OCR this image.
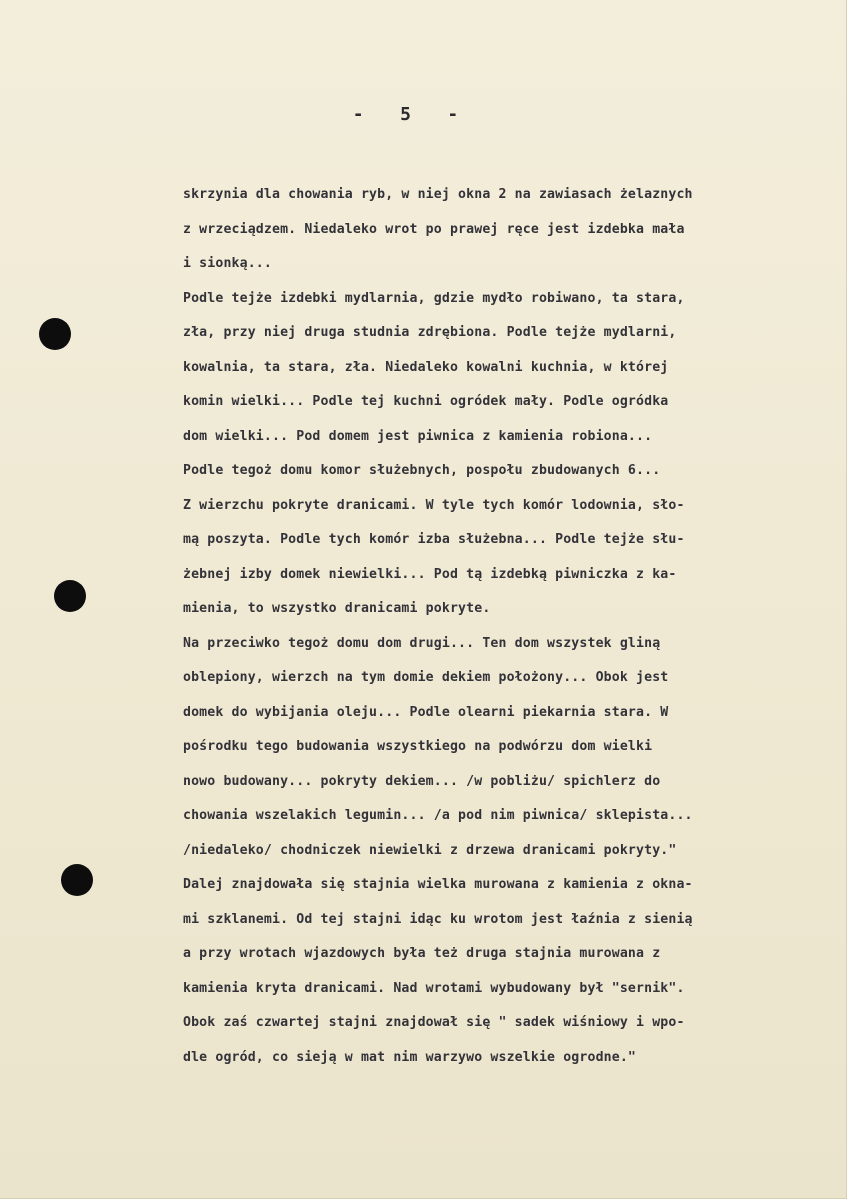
-   5   -
skrzynia dla chowania ryb, w niej okna 2 na zawiasach żelaznych
z wrzeciądzem. Niedaleko wrot po prawej ręce jest izdebka mała
i sionką...
Podle tejże izdebki mydlarnia, gdzie mydło robiwano, ta stara,
zła, przy niej druga studnia zdrębiona. Podle tejże mydlarni,
kowalnia, ta stara, zła. Niedaleko kowalni kuchnia, w której
komin wielki... Podle tej kuchni ogródek mały. Podle ogródka
dom wielki... Pod domem jest piwnica z kamienia robiona...
Podle tegoż domu komor służebnych, pospołu zbudowanych 6...
Z wierzchu pokryte dranicami. W tyle tych komór lodownia, sło-
mą poszyta. Podle tych komór izba służebna... Podle tejże słu-
żebnej izby domek niewielki... Pod tą izdebką piwniczka z ka-
mienia, to wszystko dranicami pokryte.
Na przeciwko tegoż domu dom drugi... Ten dom wszystek gliną
oblepiony, wierzch na tym domie dekiem położony... Obok jest
domek do wybijania oleju... Podle olearni piekarnia stara. W
pośrodku tego budowania wszystkiego na podwórzu dom wielki
nowo budowany... pokryty dekiem... /w pobliżu/ spichlerz do
chowania wszelakich legumin... /a pod nim piwnica/ sklepista...
/niedaleko/ chodniczek niewielki z drzewa dranicami pokryty."
Dalej znajdowała się stajnia wielka murowana z kamienia z okna-
mi szklanemi. Od tej stajni idąc ku wrotom jest łaźnia z sienią
a przy wrotach wjazdowych była też druga stajnia murowana z
kamienia kryta dranicami. Nad wrotami wybudowany był "sernik".
Obok zaś czwartej stajni znajdował się " sadek wiśniowy i wpo-
dle ogród, co sieją w mat nim warzywo wszelkie ogrodne."
